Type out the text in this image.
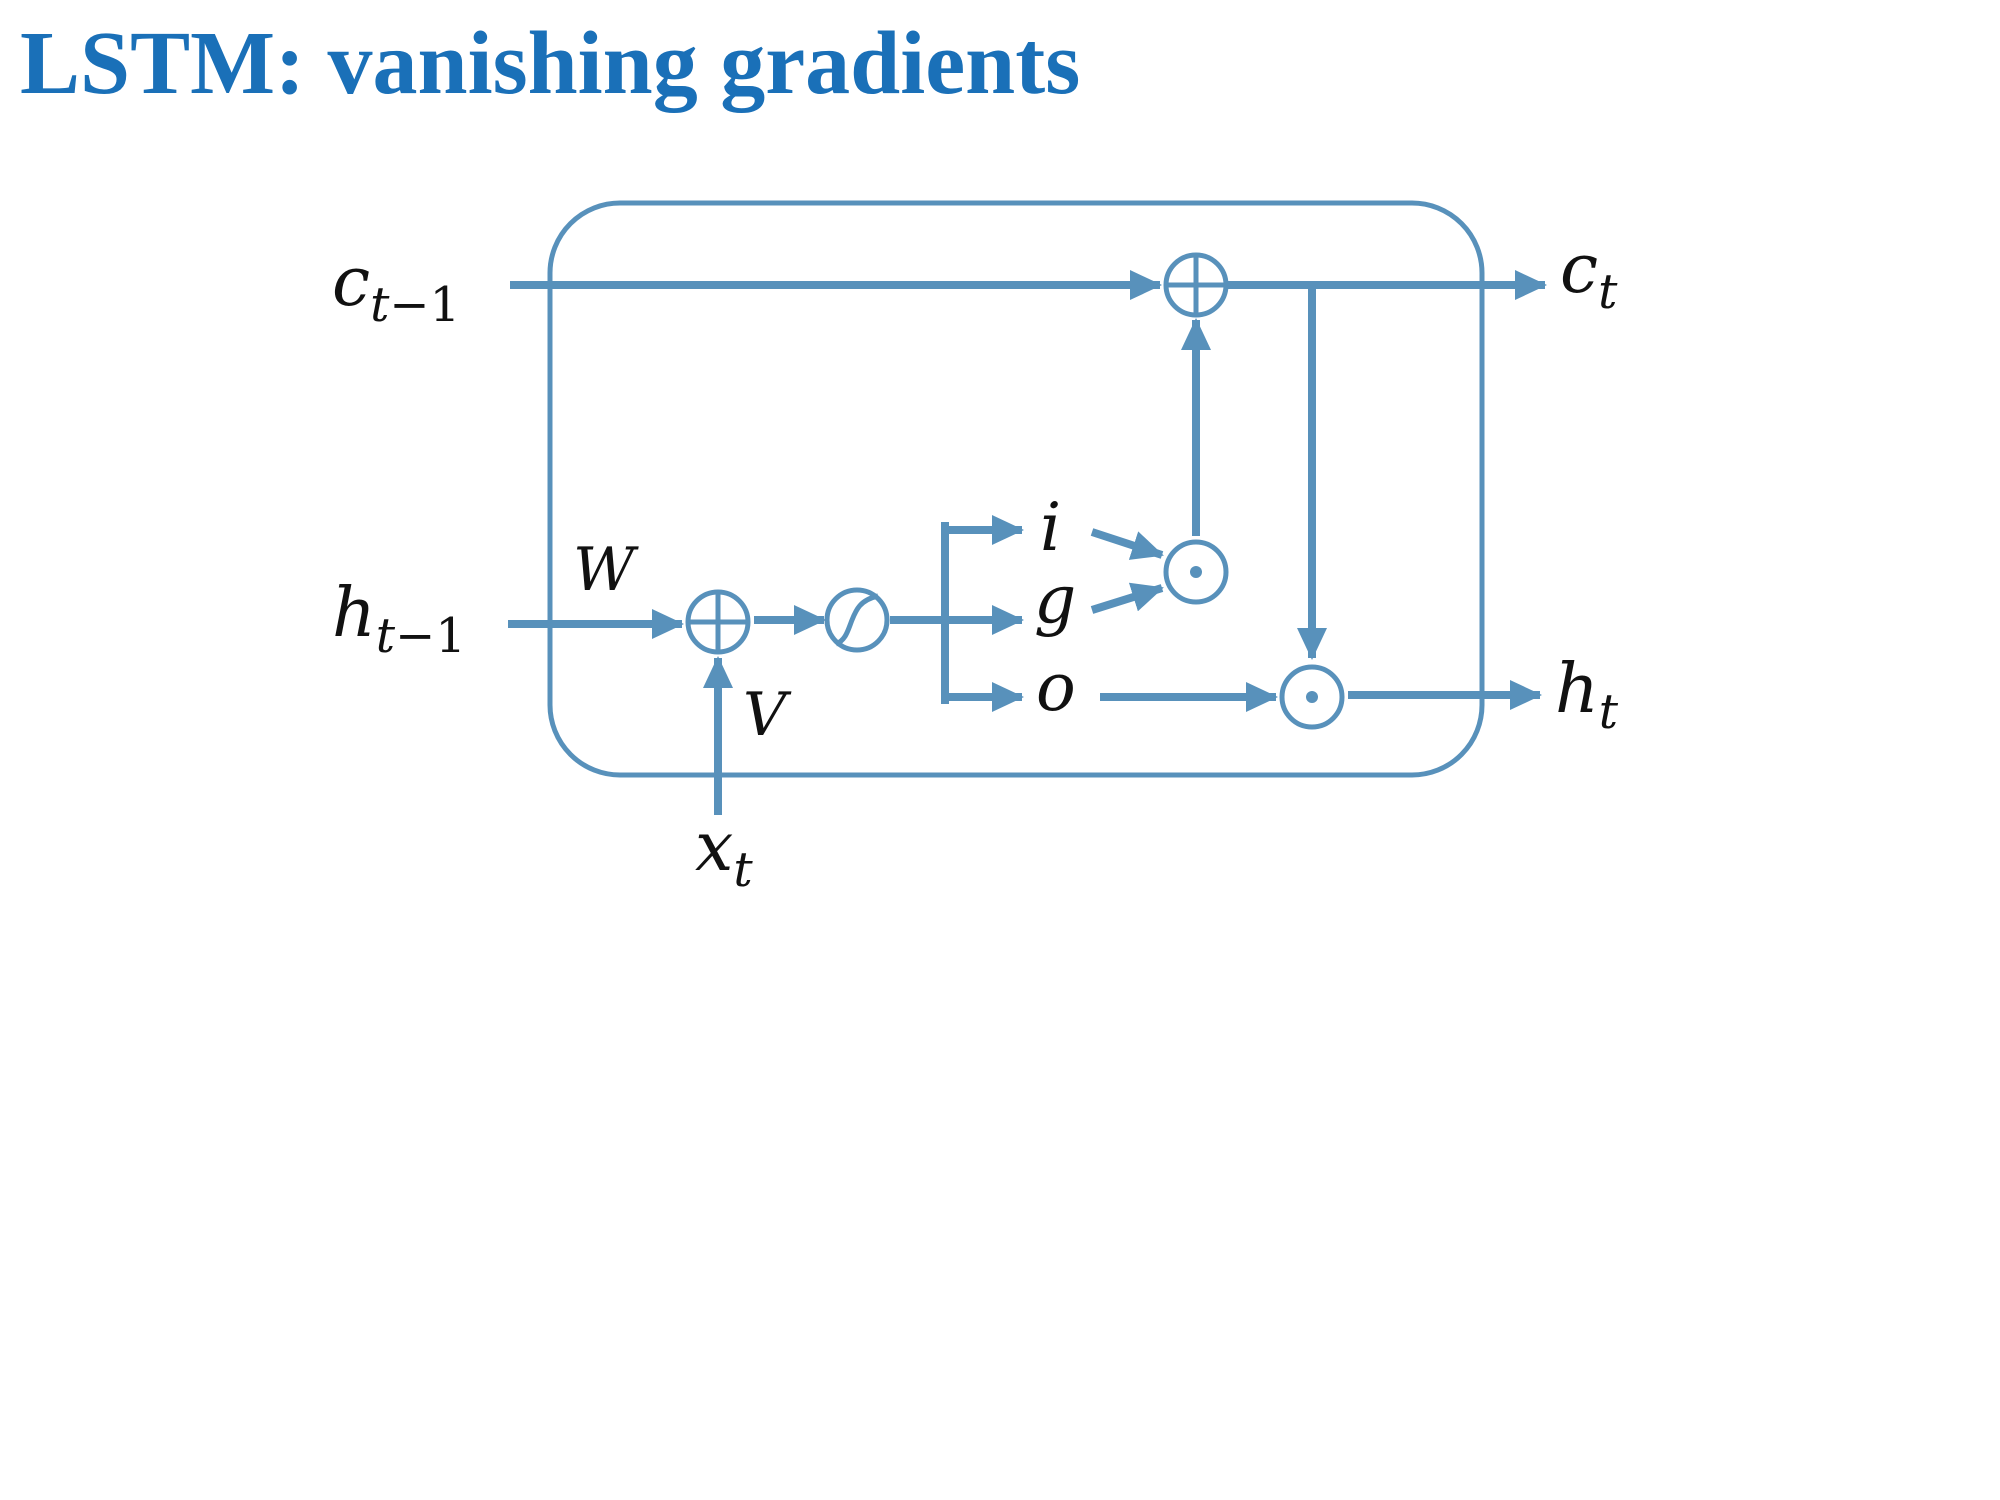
LSTM: vanishing gradients
ct−1
ht−1
ct
ht
xt
W
V
i
g
o
